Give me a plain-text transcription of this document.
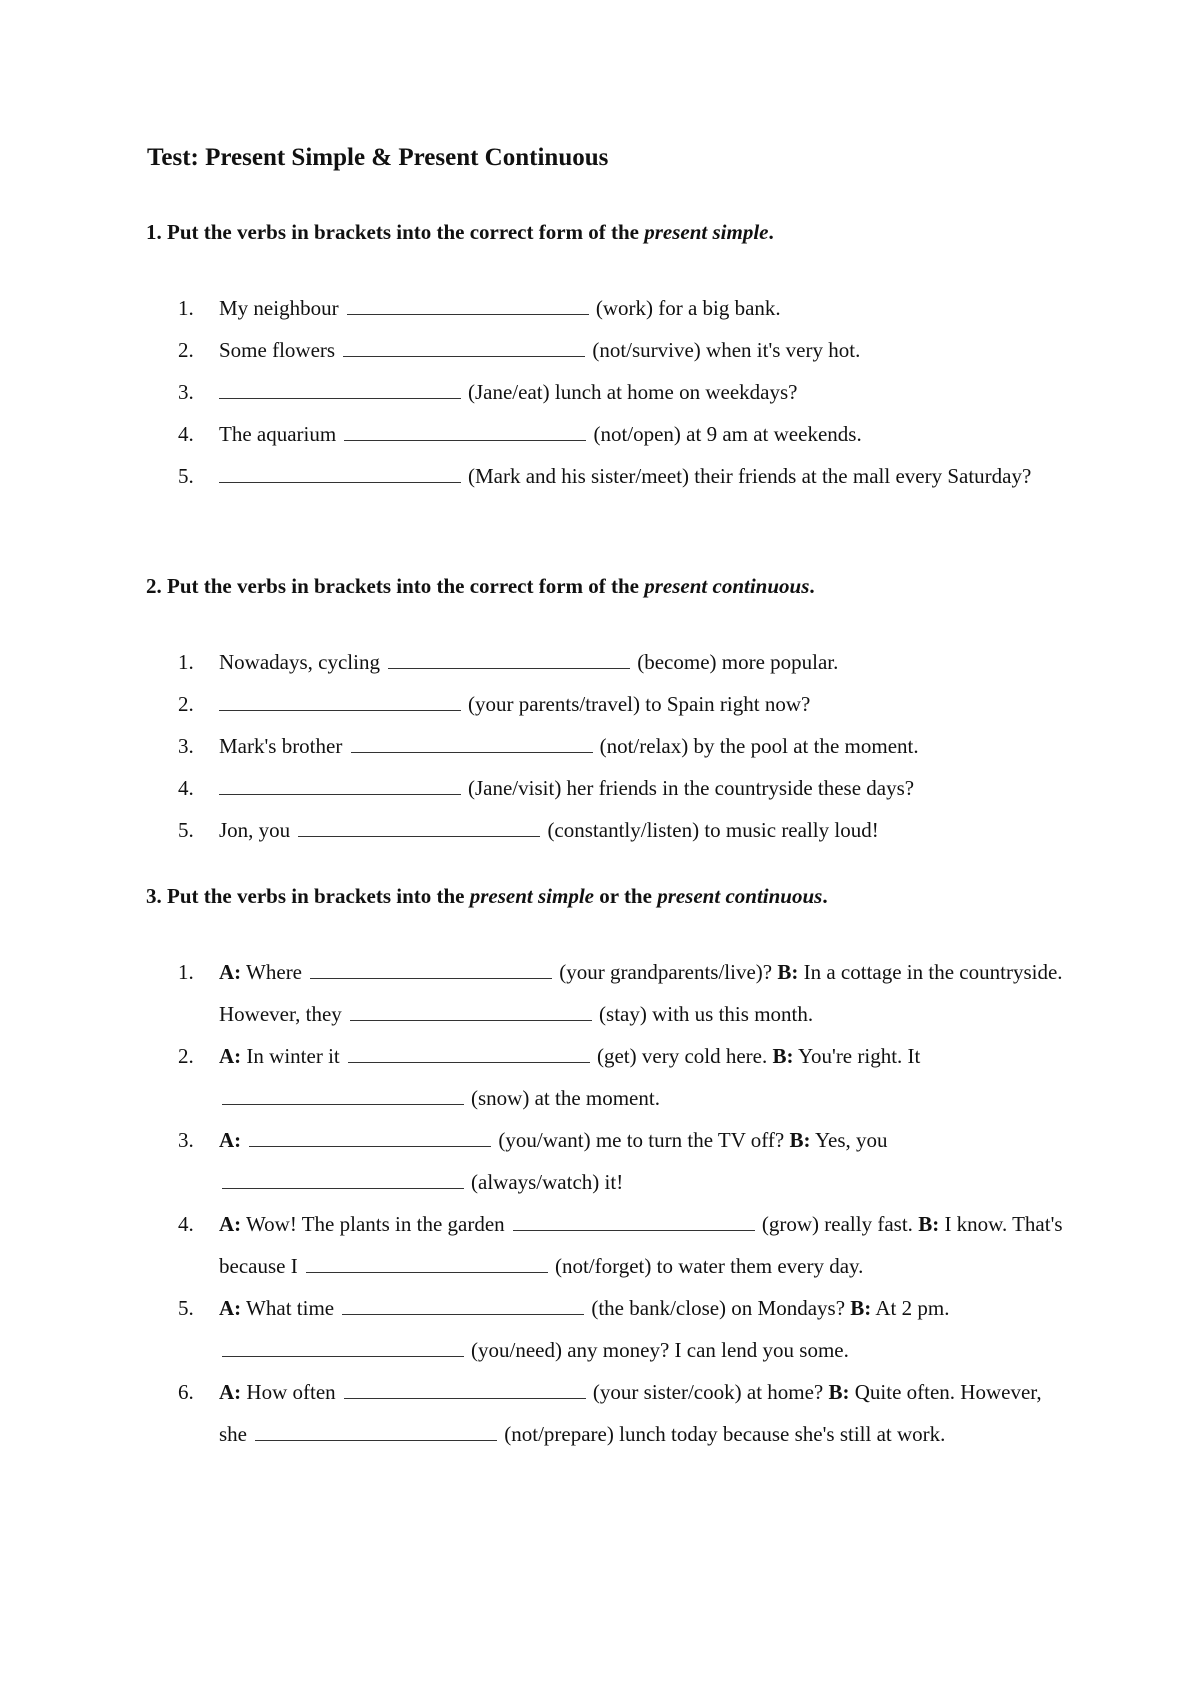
Test: Present Simple & Present Continuous
1. Put the verbs in brackets into the correct form of the present simple.
1. My neighbour	(work) for a big bank.
2. Some flowers	(not/survive) when it's very hot.
3.	(Jane/eat) lunch at home on weekdays?
4. The aquarium	(not/open) at 9 am at weekends.
5.	(Mark and his sister/meet) their friends at the mall every Saturday?
2. Put the verbs in brackets into the correct form of the present continuous.
1. Nowadays, cycling	(become) more popular.
2.	(your parents/travel) to Spain right now?
3. Mark's brother	(not/relax) by the pool at the moment.
4.	(Jane/visit) her friends in the countryside these days?
5. Jon, you	(constantly/listen) to music really loud!
3. Put the verbs in brackets into the present simple or the present continuous.
1. A: Where	(your grandparents/live)? B: In a cottage in the countryside. However, they	(stay) with us this month.
2. A: In winter it	(get) very cold here. B: You're right. It (snow) at the moment.
3. A:	(you/want) me to turn the TV off? B: Yes, you (always/watch) it!
4. A: Wow! The plants in the garden	(grow) really fast. B: I know. That's because I	(not/forget) to water them every day.
5. A: What time	(the bank/close) on Mondays? B: At 2 pm. (you/need) any money? I can lend you some.
6. A: How often	(your sister/cook) at home? B: Quite often. However, she	(not/prepare) lunch today because she's still at work.
